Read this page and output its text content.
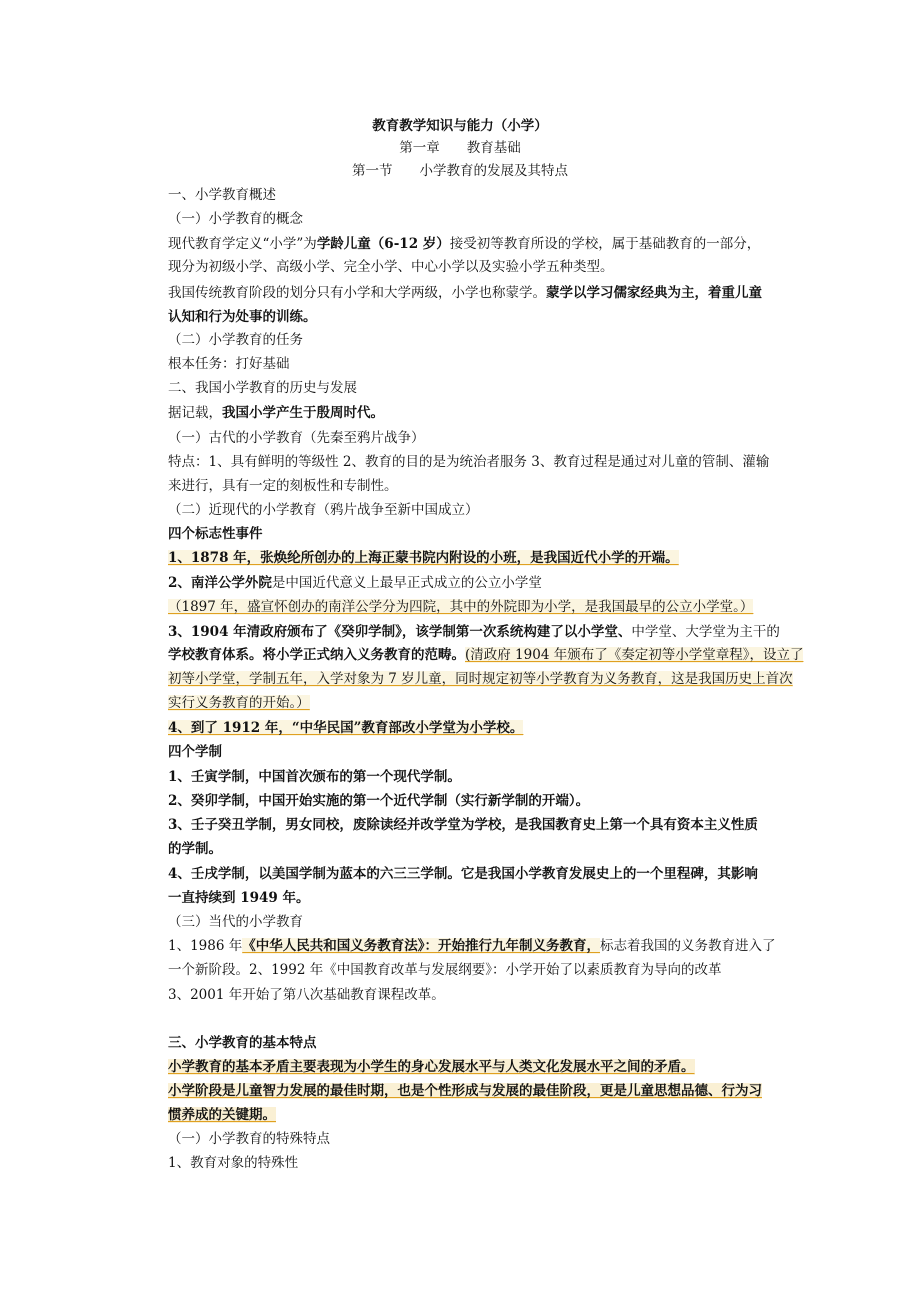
教育教学知识与能力（小学）
第一章　　教育基础
第一节　　小学教育的发展及其特点
一、小学教育概述
（一）小学教育的概念
现代教育学定义“小学”为学龄儿童（6-12 岁）接受初等教育所设的学校，属于基础教育的一部分，
现分为初级小学、高级小学、完全小学、中心小学以及实验小学五种类型。
我国传统教育阶段的划分只有小学和大学两级，小学也称蒙学。蒙学以学习儒家经典为主，着重儿童
认知和行为处事的训练。
（二）小学教育的任务
根本任务：打好基础
二、我国小学教育的历史与发展
据记载，我国小学产生于殷周时代。
（一）古代的小学教育（先秦至鸦片战争）
特点：1、具有鲜明的等级性 2、教育的目的是为统治者服务 3、教育过程是通过对儿童的管制、灌输
来进行，具有一定的刻板性和专制性。
（二）近现代的小学教育（鸦片战争至新中国成立）
四个标志性事件
1、1878 年，张焕纶所创办的上海正蒙书院内附设的小班，是我国近代小学的开端。
2、南洋公学外院是中国近代意义上最早正式成立的公立小学堂
（1897 年，盛宣怀创办的南洋公学分为四院，其中的外院即为小学，是我国最早的公立小学堂。）
3、1904 年清政府颁布了《癸卯学制》，该学制第一次系统构建了以小学堂、中学堂、大学堂为主干的
学校教育体系。将小学正式纳入义务教育的范畴。(清政府 1904 年颁布了《奏定初等小学堂章程》，设立了
初等小学堂，学制五年，入学对象为 7 岁儿童，同时规定初等小学教育为义务教育，这是我国历史上首次
实行义务教育的开始。）
4、到了 1912 年，“中华民国”教育部改小学堂为小学校。
四个学制
1、壬寅学制，中国首次颁布的第一个现代学制。
2、癸卯学制，中国开始实施的第一个近代学制（实行新学制的开端）。
3、壬子癸丑学制，男女同校，废除读经并改学堂为学校，是我国教育史上第一个具有资本主义性质
的学制。
4、壬戌学制，以美国学制为蓝本的六三三学制。它是我国小学教育发展史上的一个里程碑，其影响
一直持续到 1949 年。
（三）当代的小学教育
1、1986 年《中华人民共和国义务教育法》：开始推行九年制义务教育，标志着我国的义务教育进入了
一个新阶段。2、1992 年《中国教育改革与发展纲要》：小学开始了以素质教育为导向的改革
3、2001 年开始了第八次基础教育课程改革。
三、小学教育的基本特点
小学教育的基本矛盾主要表现为小学生的身心发展水平与人类文化发展水平之间的矛盾。
小学阶段是儿童智力发展的最佳时期，也是个性形成与发展的最佳阶段，更是儿童思想品德、行为习
惯养成的关键期。
（一）小学教育的特殊特点
1、教育对象的特殊性
